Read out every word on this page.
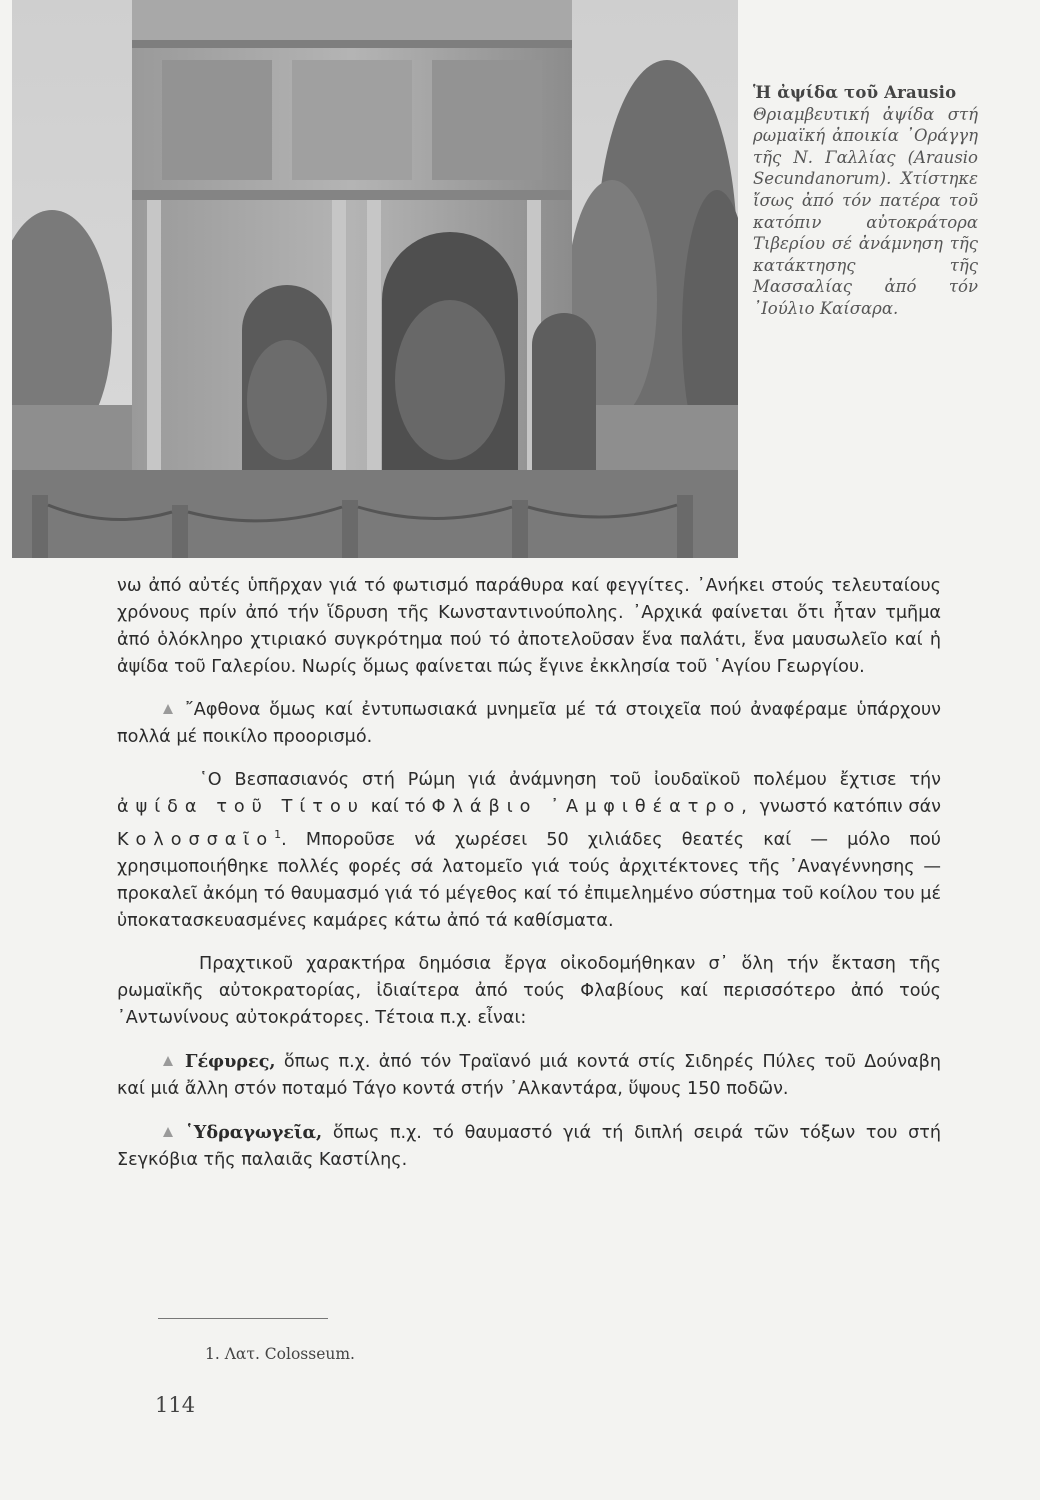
Ἡ ἀψίδα τοῦ Arausio
Θριαμβευτική ἀψίδα στή ρωμαϊκή ἀποικία ᾿Οράγγη τῆς Ν. Γαλλίας (Arausio Secundanorum). Χτίστηκε ἴσως ἀπό τόν πατέρα τοῦ κατόπιν αὐτοκράτορα Τιβερίου σέ ἀνάμνηση τῆς κατάκτησης τῆς Μασσαλίας ἀπό τόν ᾿Ιούλιο Καίσαρα.

νω ἀπό αὐτές ὑπῆρχαν γιά τό φωτισμό παράθυρα καί φεγγίτες. ᾿Ανήκει στούς τελευταίους χρόνους πρίν ἀπό τήν ἵδρυση τῆς Κωνσταντινούπολης. ᾿Αρχικά φαίνεται ὅτι ἦταν τμῆμα ἀπό ὁλόκληρο χτιριακό συγκρότημα πού τό ἀποτελοῦσαν ἕνα παλάτι, ἕνα μαυσωλεῖο καί ἡ ἀψίδα τοῦ Γαλερίου. Νωρίς ὅμως φαίνεται πώς ἔγινε ἐκκλησία τοῦ ῾Αγίου Γεωργίου.

῎Αφθονα ὅμως καί ἐντυπωσιακά μνημεῖα μέ τά στοιχεῖα πού ἀναφέραμε ὑπάρχουν πολλά μέ ποικίλο προορισμό.

῾Ο Βεσπασιανός στή Ρώμη γιά ἀνάμνηση τοῦ ἰουδαϊκοῦ πολέμου ἔχτισε τήν ἀψίδα τοῦ Τίτου καί τό Φλάβιο ᾿Αμφιθέατρο, γνωστό κατόπιν σάν Κολοσσαῖο$^1$. Μποροῦσε νά χωρέσει 50 χιλιάδες θεατές καί — μόλο πού χρησιμοποιήθηκε πολλές φορές σά λατομεῖο γιά τούς ἀρχιτέκτονες τῆς ᾿Αναγέννησης — προκαλεῖ ἀκόμη τό θαυμασμό γιά τό μέγεθος καί τό ἐπιμελημένο σύστημα τοῦ κοίλου του μέ ὑποκατασκευασμένες καμάρες κάτω ἀπό τά καθίσματα.

Πραχτικοῦ χαρακτήρα δημόσια ἔργα οἰκοδομήθηκαν σ᾿ ὅλη τήν ἔκταση τῆς ρωμαϊκῆς αὐτοκρατορίας, ἰδιαίτερα ἀπό τούς Φλαβίους καί περισσότερο ἀπό τούς ᾿Αντωνίνους αὐτοκράτορες. Τέτοια π.χ. εἶναι:

Γέφυρες, ὅπως π.χ. ἀπό τόν Τραϊανό μιά κοντά στίς Σιδηρές Πύλες τοῦ Δούναβη καί μιά ἄλλη στόν ποταμό Τάγο κοντά στήν ᾿Αλκαντάρα, ὕψους 150 ποδῶν.

῾Υδραγωγεῖα, ὅπως π.χ. τό θαυμαστό γιά τή διπλή σειρά τῶν τόξων του στή Σεγκόβια τῆς παλαιᾶς Καστίλης.

1. Λατ. Colosseum.
114
